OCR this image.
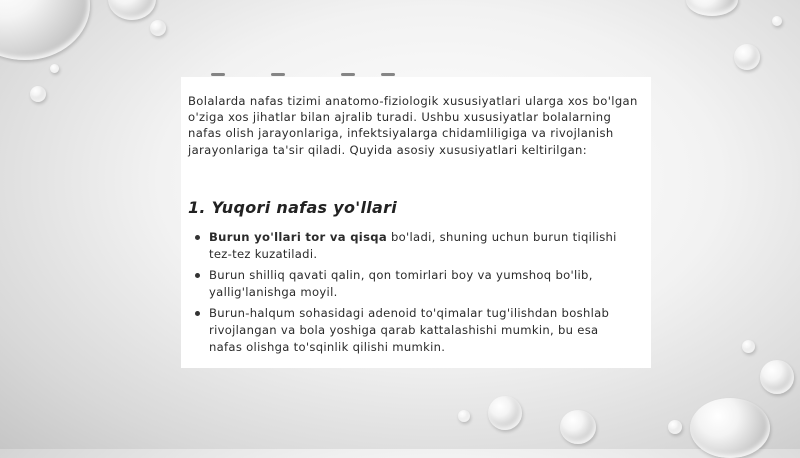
Bolalarda nafas tizimi anatomo-fiziologik xususiyatlari ularga xos bo'lgan o'ziga xos jihatlar bilan ajralib turadi. Ushbu xususiyatlar bolalarning nafas olish jarayonlariga, infektsiyalarga chidamliligiga va rivojlanish jarayonlariga ta'sir qiladi. Quyida asosiy xususiyatlari keltirilgan:
1. Yuqori nafas yo'llari
Burun yo'llari tor va qisqa bo'ladi, shuning uchun burun tiqilishi tez-tez kuzatiladi.
Burun shilliq qavati qalin, qon tomirlari boy va yumshoq bo'lib, yallig'lanishga moyil.
Burun-halqum sohasidagi adenoid to'qimalar tug'ilishdan boshlab rivojlangan va bola yoshiga qarab kattalashishi mumkin, bu esa nafas olishga to'sqinlik qilishi mumkin.
